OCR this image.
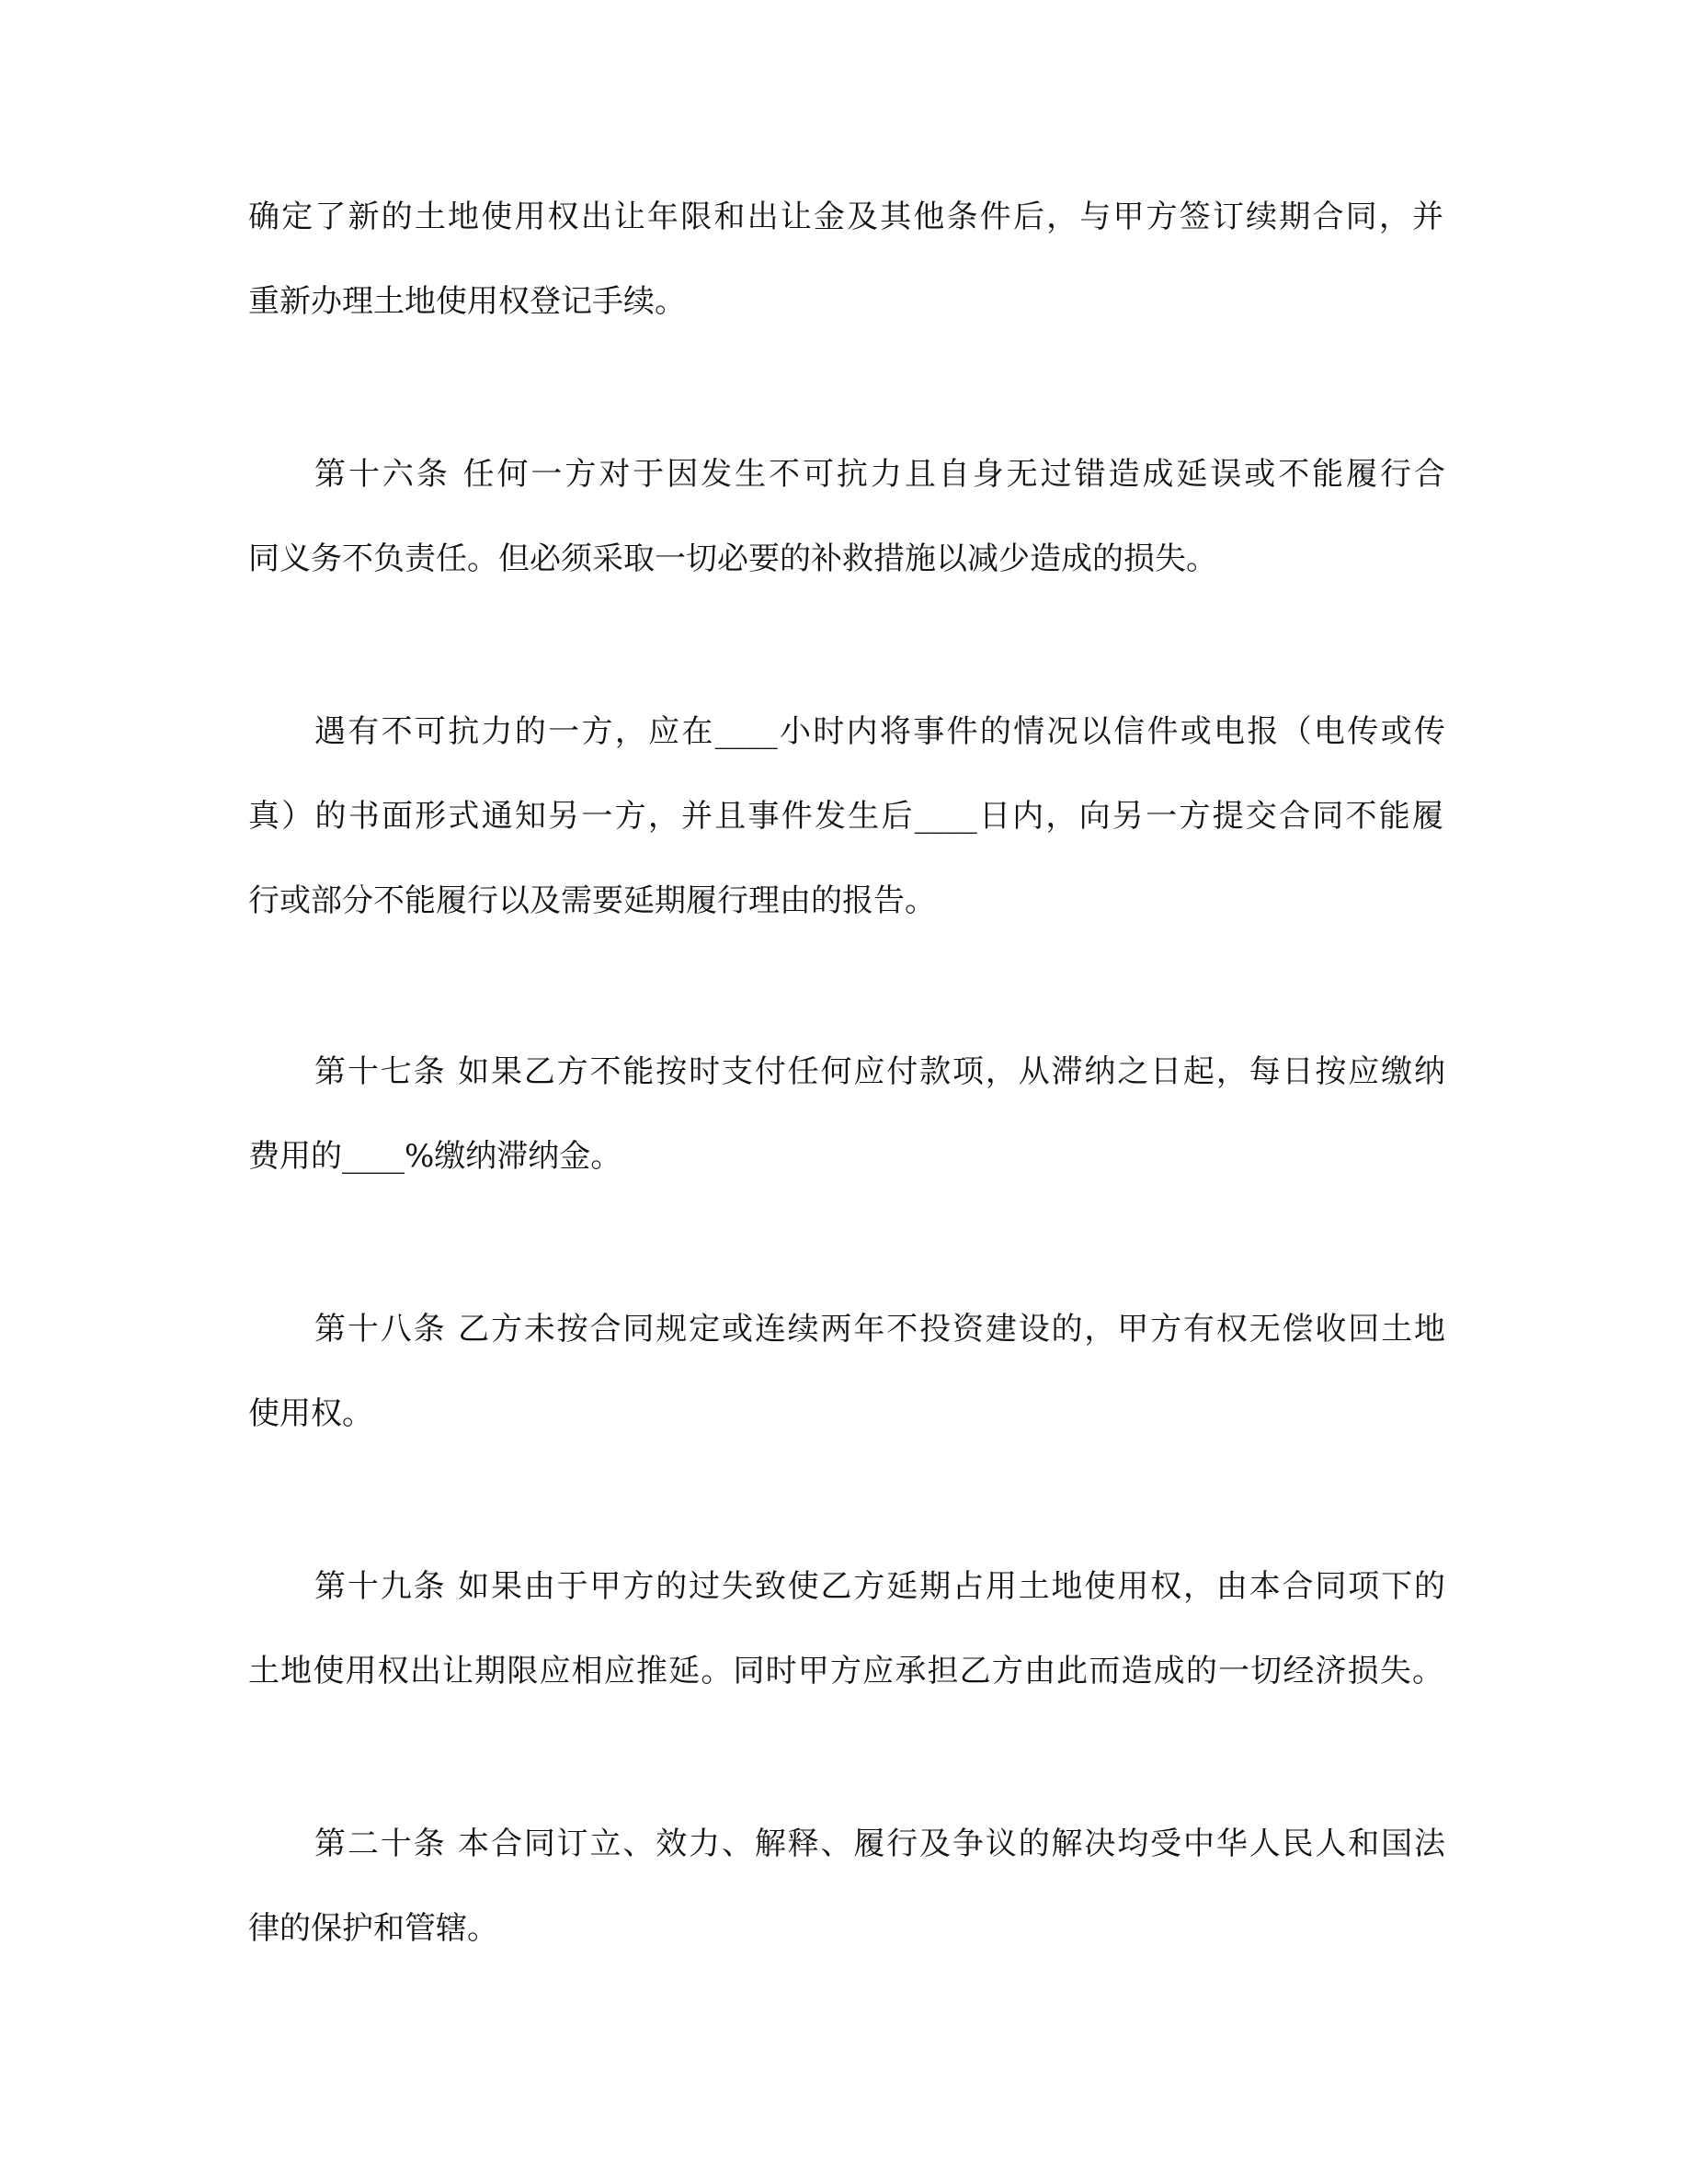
确定了新的土地使用权出让年限和出让金及其他条件后，与甲方签订续期合同，并

重新办理土地使用权登记手续。

第十六条 任何一方对于因发生不可抗力且自身无过错造成延误或不能履行合

同义务不负责任。但必须采取一切必要的补救措施以减少造成的损失。

遇有不可抗力的一方，应在____小时内将事件的情况以信件或电报（电传或传

真）的书面形式通知另一方，并且事件发生后____日内，向另一方提交合同不能履

行或部分不能履行以及需要延期履行理由的报告。

第十七条 如果乙方不能按时支付任何应付款项，从滞纳之日起，每日按应缴纳

费用的____%缴纳滞纳金。

第十八条 乙方未按合同规定或连续两年不投资建设的，甲方有权无偿收回土地

使用权。

第十九条 如果由于甲方的过失致使乙方延期占用土地使用权，由本合同项下的

土地使用权出让期限应相应推延。同时甲方应承担乙方由此而造成的一切经济损失。

第二十条 本合同订立、效力、解释、履行及争议的解决均受中华人民人和国法

律的保护和管辖。
